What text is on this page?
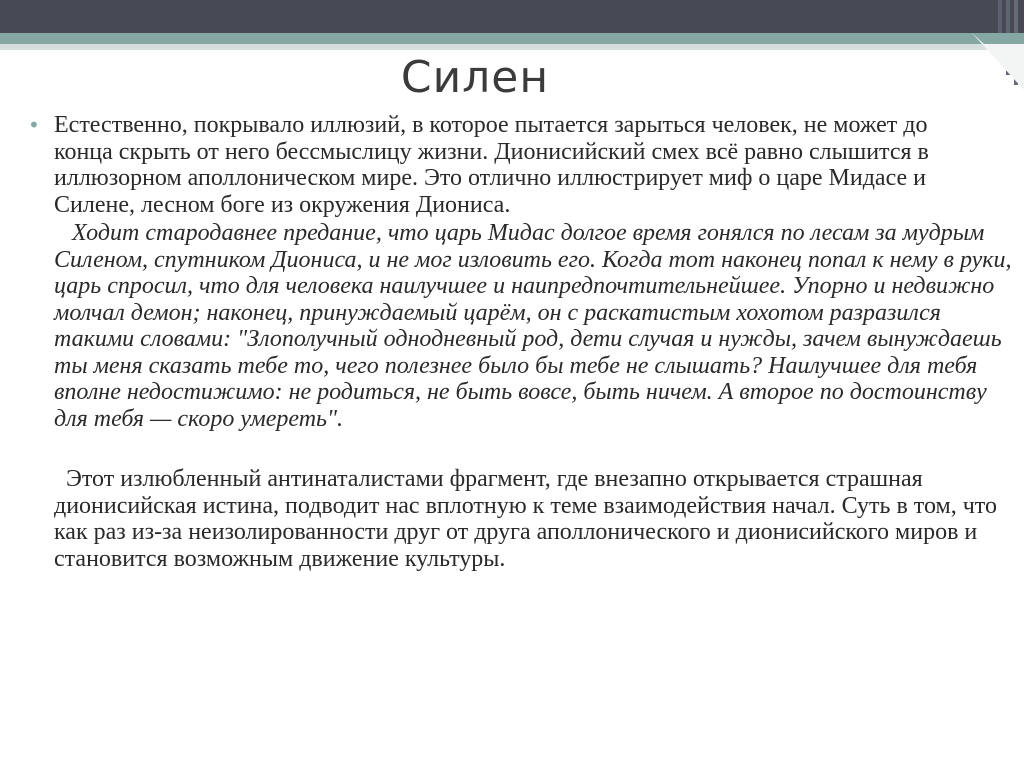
Силен
• Естественно, покрывало иллюзий, в которое пытается зарыться человек, не может до конца скрыть от него бессмыслицу жизни. Дионисийский смех всё равно слышится в иллюзорном аполлоническом мире. Это отлично иллюстрирует миф о царе Мидасе и Силене, лесном боге из окружения Диониса.

Ходит стародавнее предание, что царь Мидас долгое время гонялся по лесам за мудрым Силеном, спутником Диониса, и не мог изловить его. Когда тот наконец попал к нему в руки, царь спросил, что для человека наилучшее и наипредпочтительнейшее. Упорно и недвижно молчал демон; наконец, принуждаемый царём, он с раскатистым хохотом разразился такими словами: "Злополучный однодневный род, дети случая и нужды, зачем вынуждаешь ты меня сказать тебе то, чего полезнее было бы тебе не слышать? Наилучшее для тебя вполне недостижимо: не родиться, не быть вовсе, быть ничем. А второе по достоинству для тебя — скоро умереть".

Этот излюбленный антинаталистами фрагмент, где внезапно открывается страшная дионисийская истина, подводит нас вплотную к теме взаимодействия начал. Суть в том, что как раз из-за неизолированности друг от друга аполлонического и дионисийского миров и становится возможным движение культуры.
